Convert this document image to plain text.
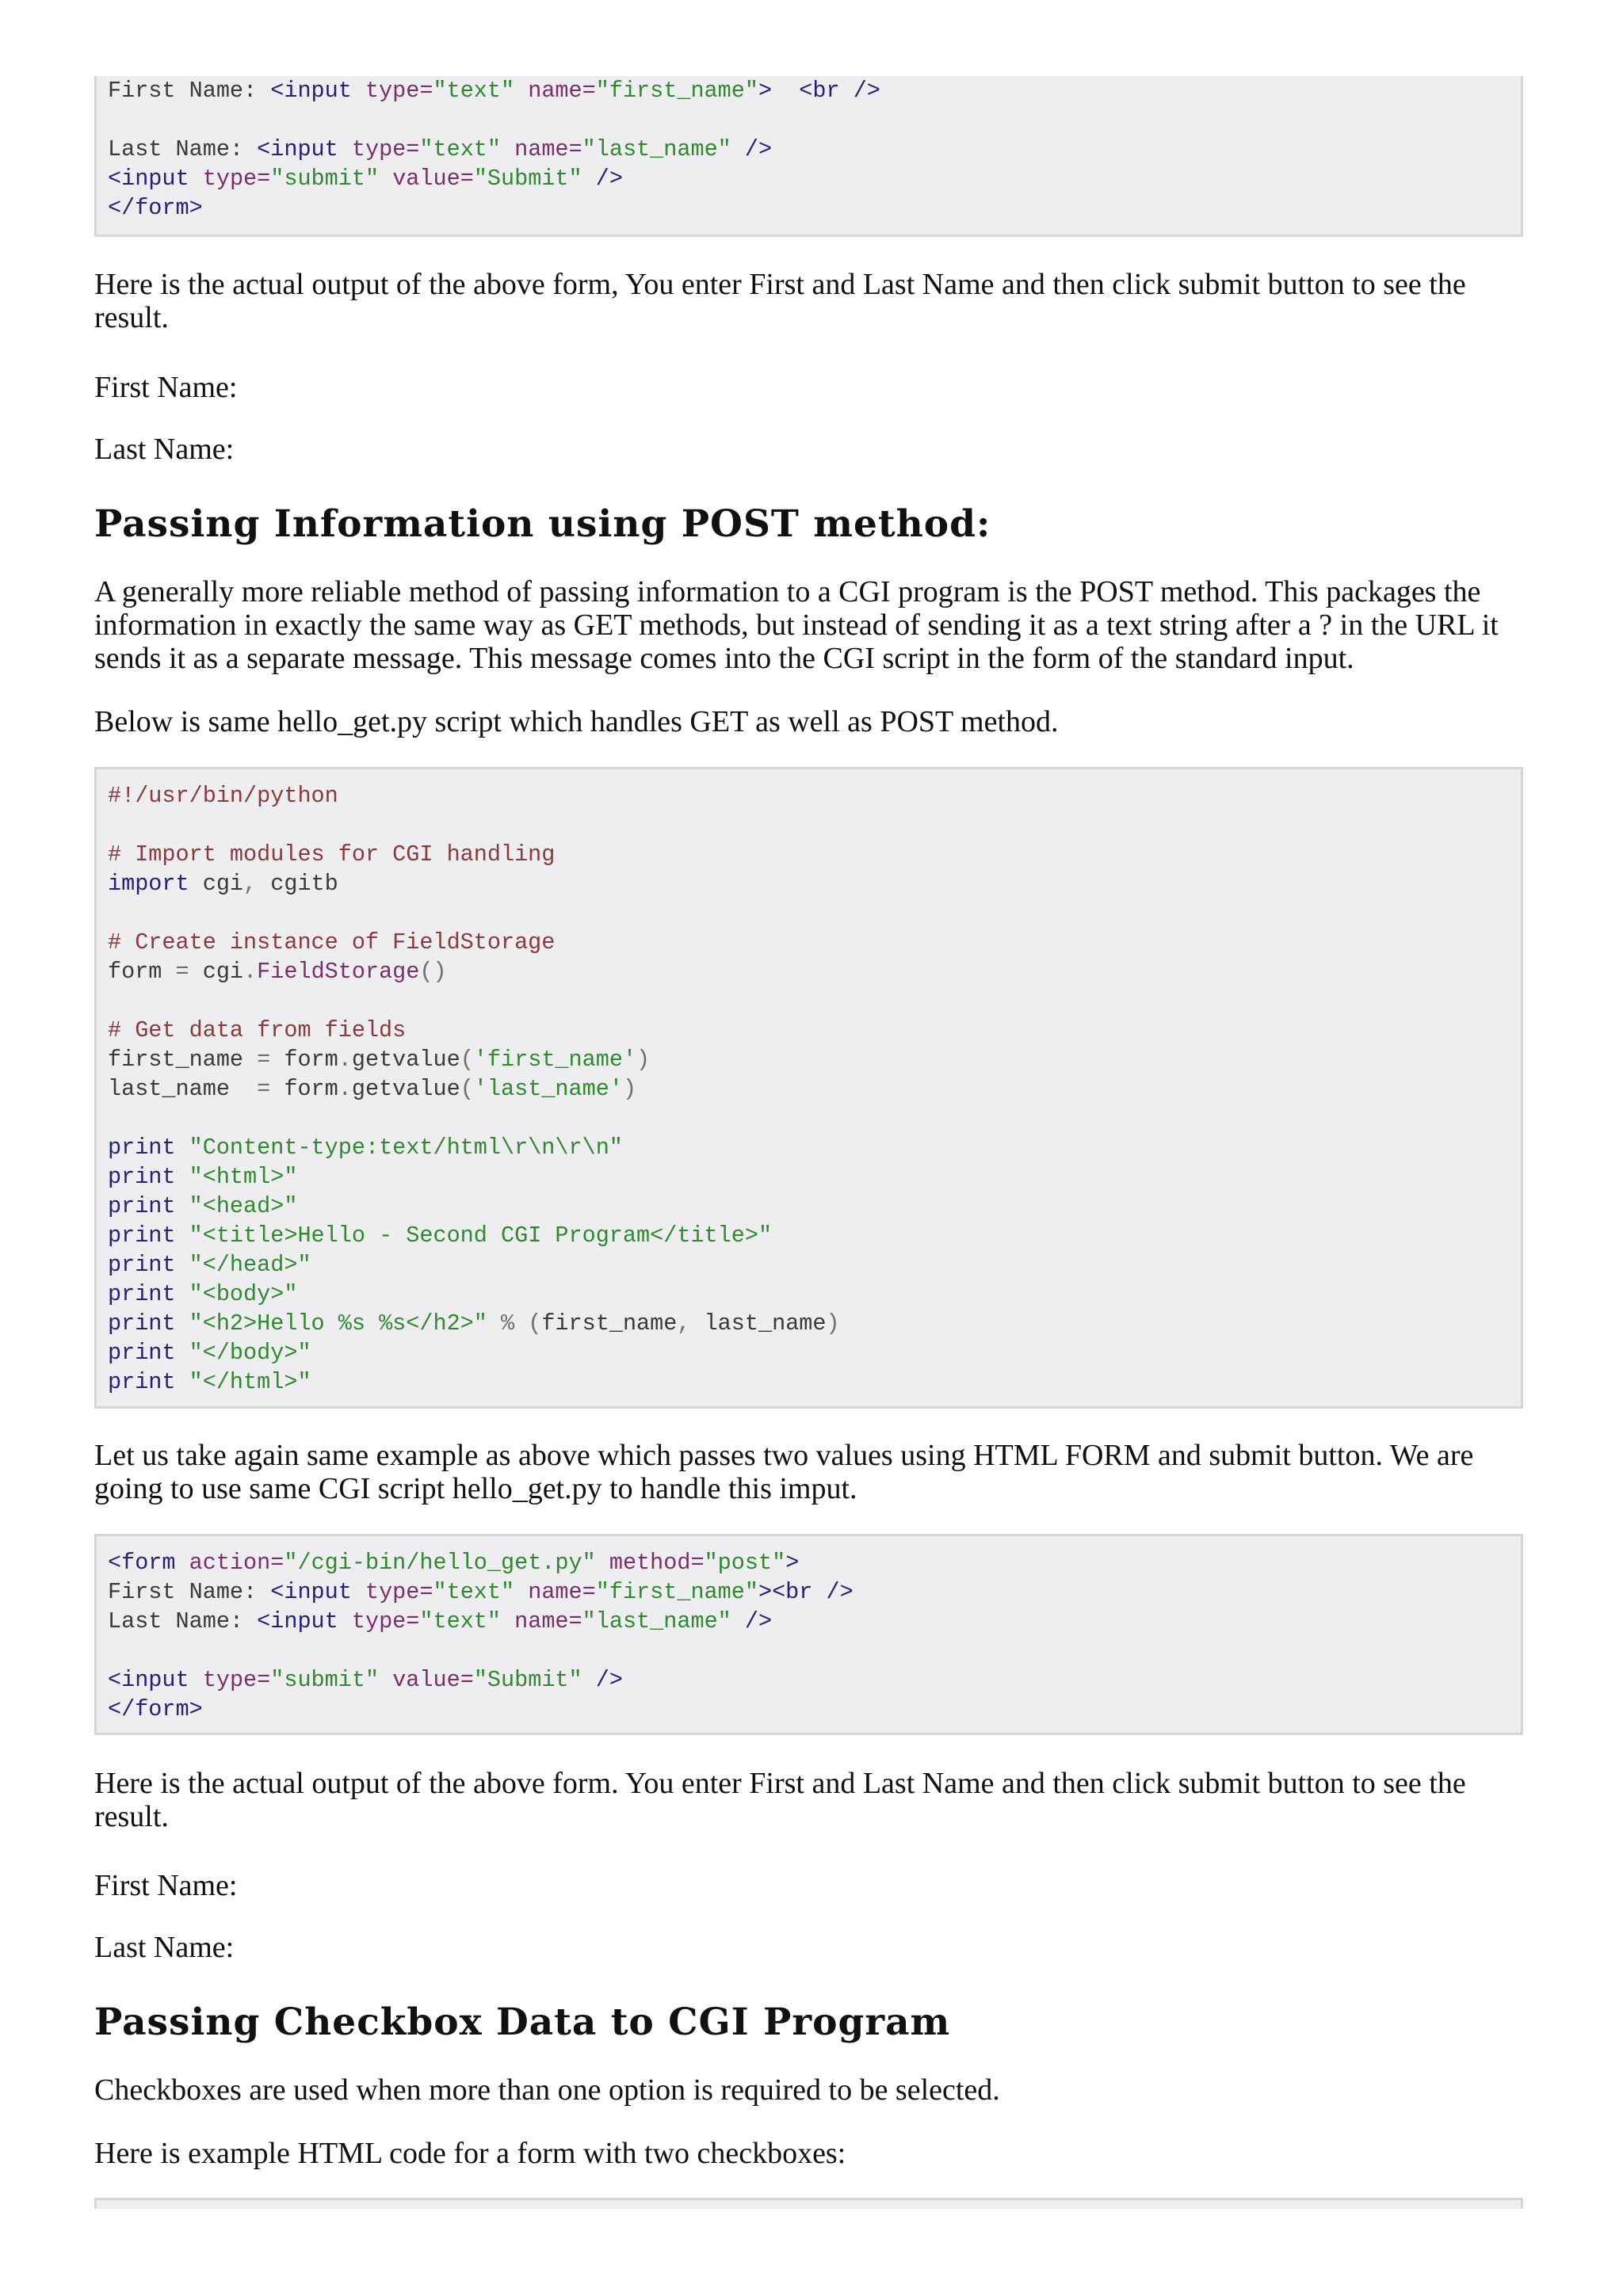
First Name: <input type="text" name="first_name"> <br />
Last Name: <input type="text" name="last_name" />
<input type="submit" value="Submit" />
</form>

Here is the actual output of the above form, You enter First and Last Name and then click submit button to see the result.

First Name:

Last Name:

Passing Information using POST method:

A generally more reliable method of passing information to a CGI program is the POST method. This packages the information in exactly the same way as GET methods, but instead of sending it as a text string after a ? in the URL it sends it as a separate message. This message comes into the CGI script in the form of the standard input.

Below is same hello_get.py script which handles GET as well as POST method.

#!/usr/bin/python
# Import modules for CGI handling
import cgi, cgitb
# Create instance of FieldStorage
form = cgi.FieldStorage()
# Get data from fields
first_name = form.getvalue('first_name')
last_name  = form.getvalue('last_name')
print "Content-type:text/html\r\n\r\n"
print "<html>"
print "<head>"
print "<title>Hello - Second CGI Program</title>"
print "</head>"
print "<body>"
print "<h2>Hello %s %s</h2>" % (first_name, last_name)
print "</body>"
print "</html>"

Let us take again same example as above which passes two values using HTML FORM and submit button. We are going to use same CGI script hello_get.py to handle this imput.

<form action="/cgi-bin/hello_get.py" method="post">
First Name: <input type="text" name="first_name"><br />
Last Name: <input type="text" name="last_name" />
<input type="submit" value="Submit" />
</form>

Here is the actual output of the above form. You enter First and Last Name and then click submit button to see the result.

First Name:

Last Name:

Passing Checkbox Data to CGI Program

Checkboxes are used when more than one option is required to be selected.

Here is example HTML code for a form with two checkboxes:
